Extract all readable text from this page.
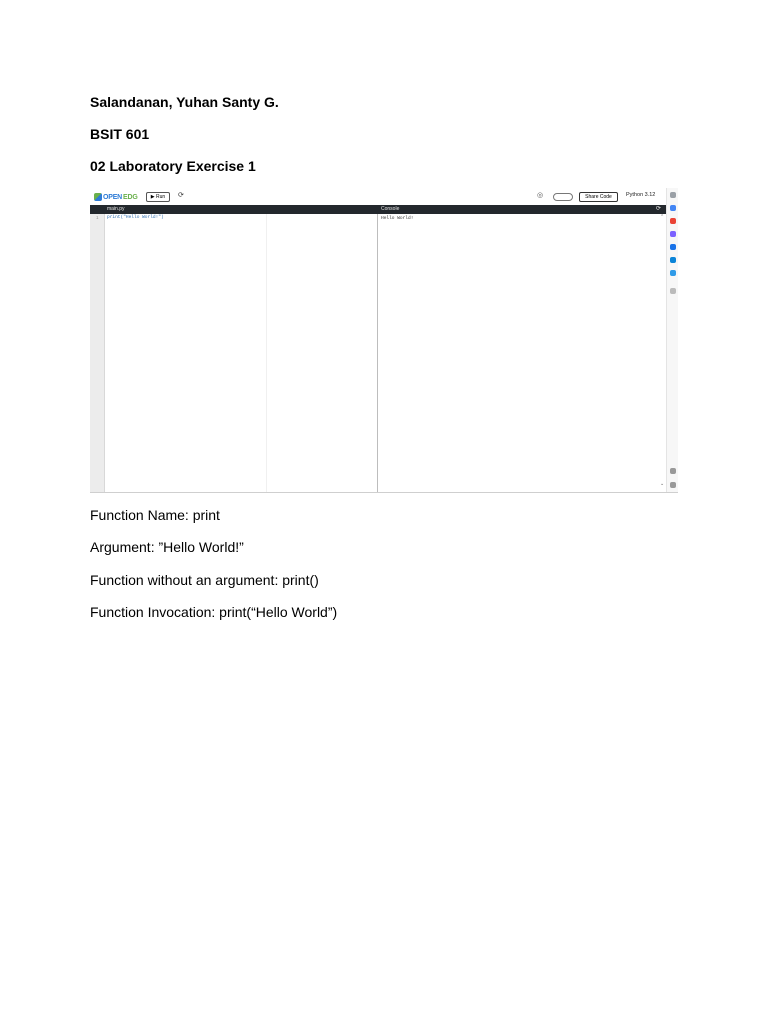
Salandanan, Yuhan Santy G.

BSIT 601

02 Laboratory Exercise 1

OPEN EDG	▶ Run	⟳	◎	Share Code	Python 3.12
main.py	Console	⟳
1 print("Hello World!")	Hello World!	⌃
⌄

Function Name: print

Argument: ”Hello World!”

Function without an argument: print()

Function Invocation: print(“Hello World”)
